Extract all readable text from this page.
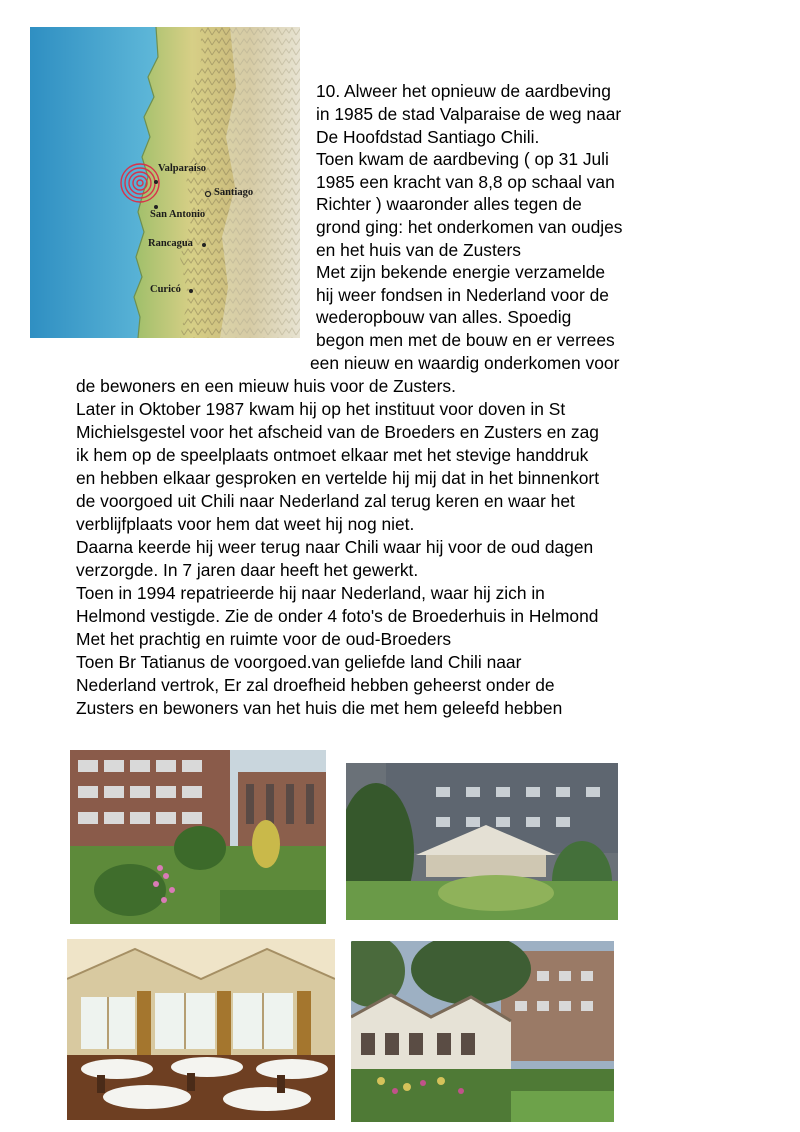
Valparaíso
Santiago
San Antonio
Rancagua
Curicó
10. Alweer het opnieuw de aardbeving
in 1985 de stad Valparaise de weg naar
De Hoofdstad Santiago Chili.
Toen kwam de aardbeving ( op 31 Juli
1985 een kracht van 8,8 op schaal van
Richter ) waaronder alles tegen de
grond ging: het onderkomen van oudjes
en het huis van de Zusters
Met zijn bekende energie verzamelde
hij weer fondsen in Nederland voor de
wederopbouw van alles. Spoedig
begon men met de bouw en er verrees
een nieuw en waardig onderkomen voor
de bewoners en een mieuw huis voor de Zusters.
Later in Oktober 1987 kwam hij op het instituut voor doven in St
Michielsgestel voor het afscheid van de Broeders en Zusters en zag
ik hem op de speelplaats ontmoet elkaar met het stevige handdruk
en hebben elkaar gesproken en vertelde hij mij dat in het binnenkort
de voorgoed uit Chili naar Nederland zal terug keren en waar het
verblijfplaats voor hem dat weet hij nog niet.
Daarna keerde hij weer terug naar Chili waar hij voor de oud dagen
verzorgde. In 7 jaren daar heeft het gewerkt.
Toen in 1994 repatrieerde hij naar Nederland, waar hij zich in
Helmond vestigde. Zie de onder 4 foto's de Broederhuis in Helmond
Met het prachtig en ruimte voor de oud-Broeders
Toen Br Tatianus de voorgoed.van geliefde land Chili naar
Nederland vertrok, Er zal droefheid hebben geheerst onder de
Zusters en bewoners van het huis die met hem geleefd hebben
